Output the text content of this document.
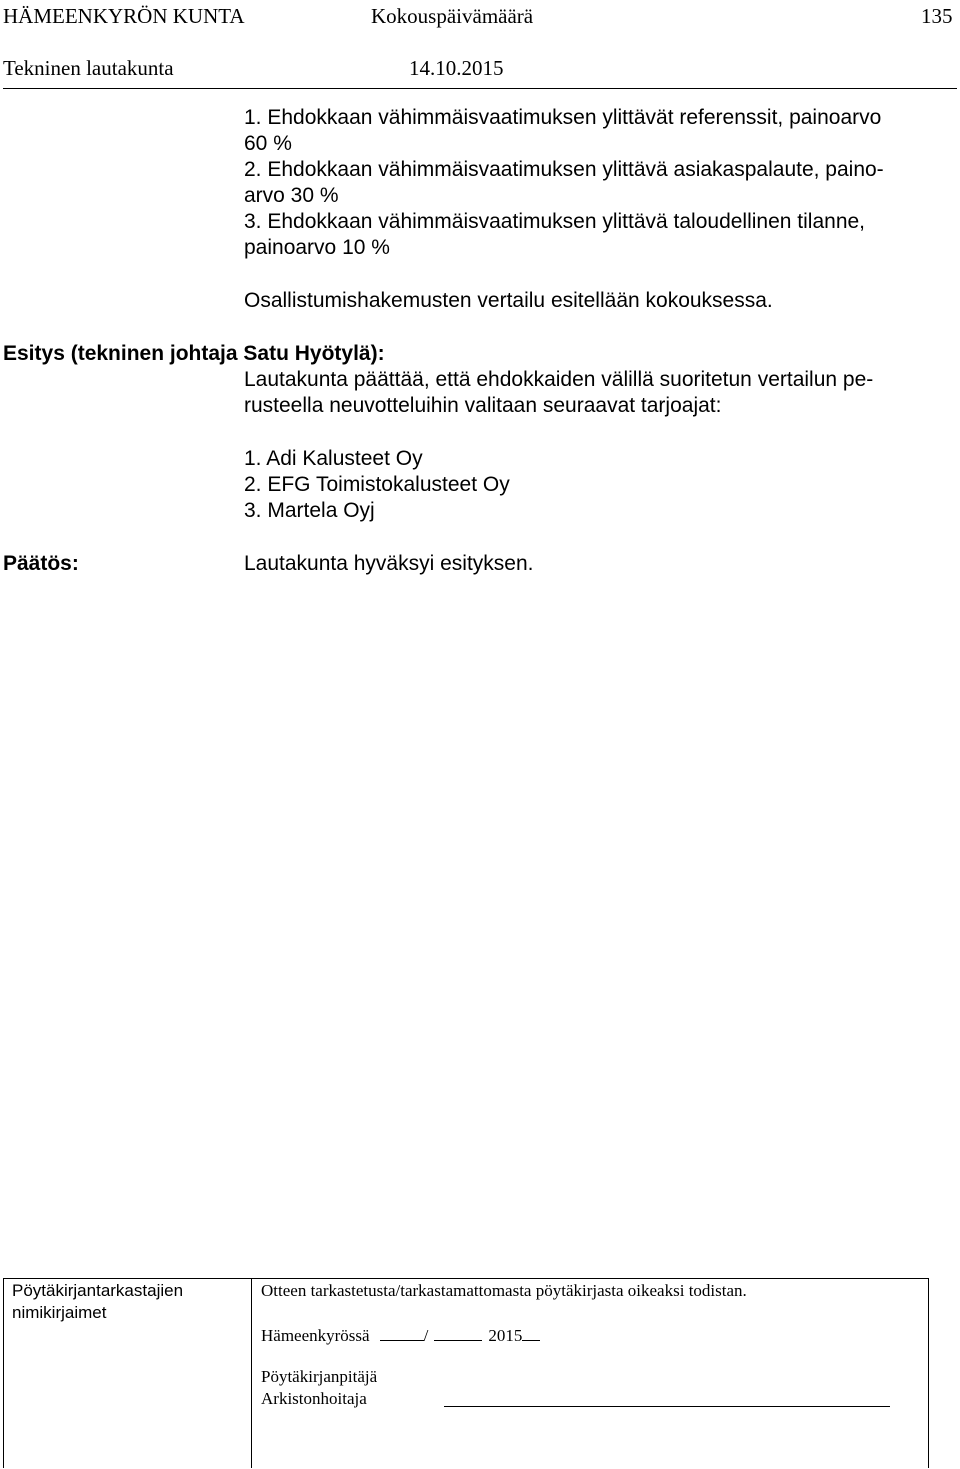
HÄMEENKYRÖN KUNTA	Kokouspäivämäärä	135
Tekninen lautakunta	14.10.2015
1. Ehdokkaan vähimmäisvaatimuksen ylittävät referenssit, painoarvo
60 %
2. Ehdokkaan vähimmäisvaatimuksen ylittävä asiakaspalaute, paino-
arvo 30 %
3. Ehdokkaan vähimmäisvaatimuksen ylittävä taloudellinen tilanne,
painoarvo 10 %
Osallistumishakemusten vertailu esitellään kokouksessa.
Esitys (tekninen johtaja Satu Hyötylä):
Lautakunta päättää, että ehdokkaiden välillä suoritetun vertailun pe-
rusteella neuvotteluihin valitaan seuraavat tarjoajat:
1. Adi Kalusteet Oy
2. EFG Toimistokalusteet Oy
3. Martela Oyj
Päätös:	Lautakunta hyväksyi esityksen.
Pöytäkirjantarkastajien
nimikirjaimet
Otteen tarkastetusta/tarkastamattomasta pöytäkirjasta oikeaksi todistan.
Hämeenkyrössä	/	2015
Pöytäkirjanpitäjä
Arkistonhoitaja
